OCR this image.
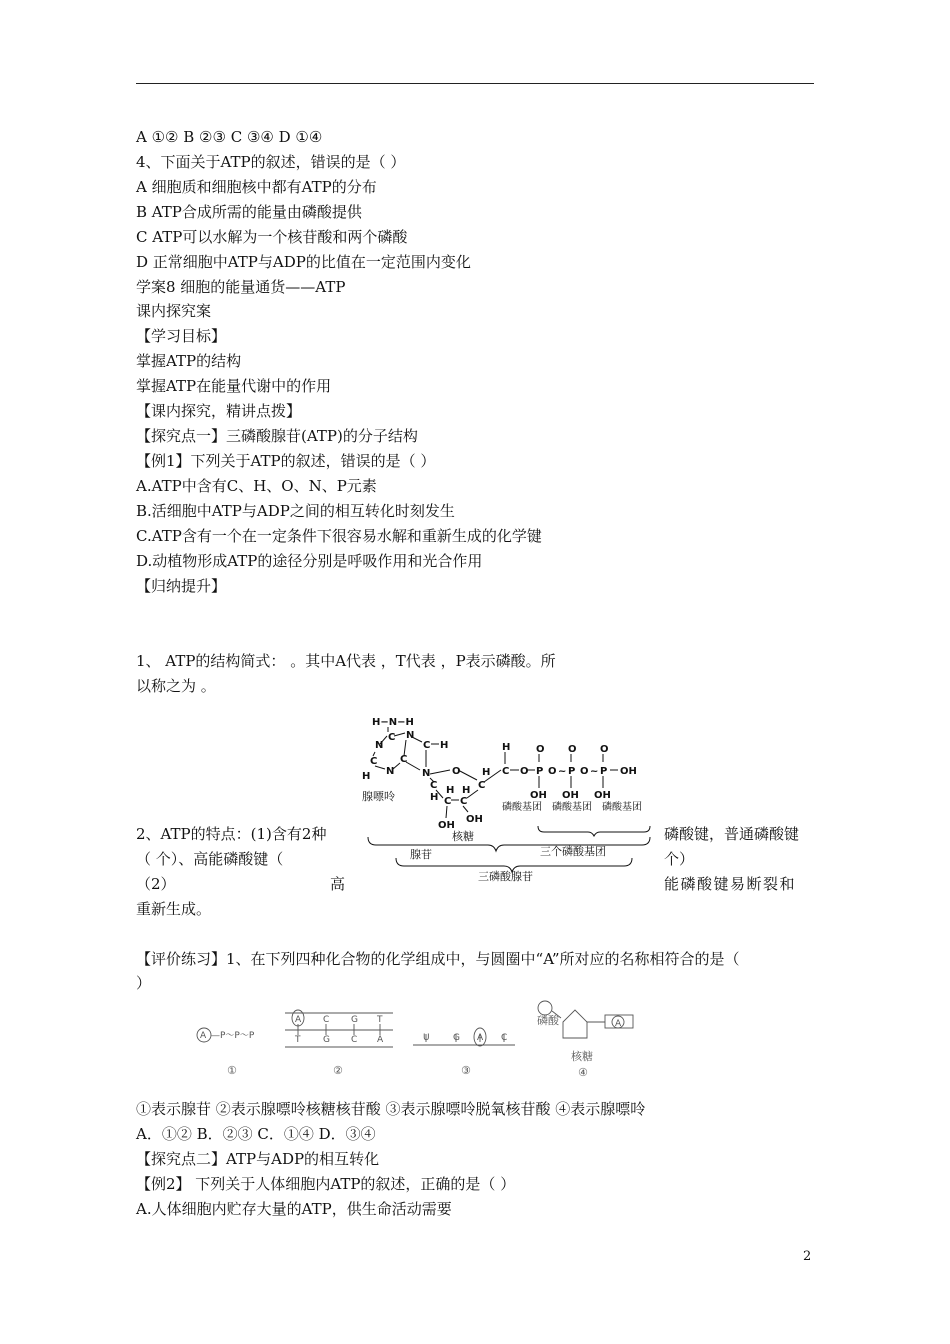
A ①② B ②③ C ③④ D ①④
4、下面关于ATP的叙述，错误的是（ ）
A 细胞质和细胞核中都有ATP的分布
B ATP合成所需的能量由磷酸提供
C ATP可以水解为一个核苷酸和两个磷酸
D 正常细胞中ATP与ADP的比值在一定范围内变化
学案8 细胞的能量通货——ATP
课内探究案
【学习目标】
掌握ATP的结构
掌握ATP在能量代谢中的作用
【课内探究，精讲点拨】
【探究点一】三磷酸腺苷(ATP)的分子结构
【例1】下列关于ATP的叙述，错误的是（ ）
A.ATP中含有C、H、O、N、P元素
B.活细胞中ATP与ADP之间的相互转化时刻发生
C.ATP含有一个在一定条件下很容易水解和重新生成的化学键
D.动植物形成ATP的途径分别是呼吸作用和光合作用
【归纳提升】
1、 ATP的结构简式： 。其中A代表 ，T代表 ，P表示磷酸。所
以称之为 。
H−N−H
N
C N
C H
C
H N
C
N O
C
H C C
H H C
H
H
C O P O ~ P O ~ P OH
O O O
OH OH OH
OH
OH
腺嘌呤
核糖
磷酸基团 磷酸基团 磷酸基团
腺苷	三个磷酸基团
三磷酸腺苷
2、ATP的特点：(1)含有2种	磷酸键，普通磷酸键
（ 个）、高能磷酸键（	个）
（2）	高	能磷酸键易断裂和
重新生成。
【评价练习】1、在下列四种化合物的化学组成中，与圆圈中“A”所对应的名称相符合的是（
）
A —P～P～P
①
A C G T
T	G C A
②
U	G A C
③
磷酸
核糖
A
④
①表示腺苷 ②表示腺嘌呤核糖核苷酸 ③表示腺嘌呤脱氧核苷酸 ④表示腺嘌呤
A．①② B．②③ C．①④ D．③④
【探究点二】ATP与ADP的相互转化
【例2】 下列关于人体细胞内ATP的叙述，正确的是（ ）
A.人体细胞内贮存大量的ATP，供生命活动需要
2
